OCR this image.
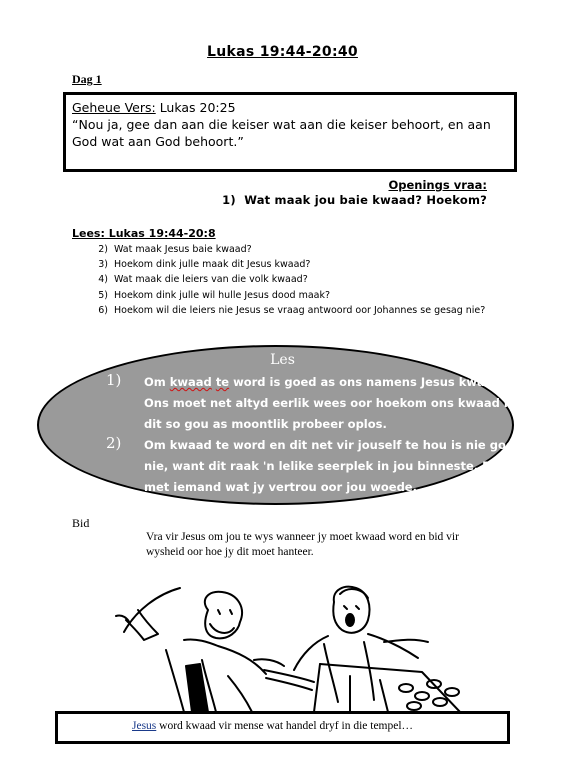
Lukas 19:44-20:40
Dag 1
Geheue Vers: Lukas 20:25
“Nou ja, gee dan aan die keiser wat aan die keiser behoort, en aan God wat aan God behoort.”
Openings vraa:
1) Wat maak jou baie kwaad? Hoekom?
Lees: Lukas 19:44-20:8
2) Wat maak Jesus baie kwaad?
3) Hoekom dink julle maak dit Jesus kwaad?
4) Wat maak die leiers van die volk kwaad?
5) Hoekom dink julle wil hulle Jesus dood maak?
6) Hoekom wil die leiers nie Jesus se vraag antwoord oor Johannes se gesag nie?
Les
1) Om kwaad te word is goed as ons namens Jesus kwaad word.
Ons moet net altyd eerlik wees oor hoekom ons kwaad is en
dit so gou as moontlik probeer oplos.
2) Om kwaad te word en dit net vir jouself te hou is nie goed
nie, want dit raak 'n lelike seerplek in jou binneste. Praat
met iemand wat jy vertrou oor jou woede.
Bid
Vra vir Jesus om jou te wys wanneer jy moet kwaad word en bid vir wysheid oor hoe jy dit moet hanteer.
Jesus word kwaad vir mense wat handel dryf in die tempel…
